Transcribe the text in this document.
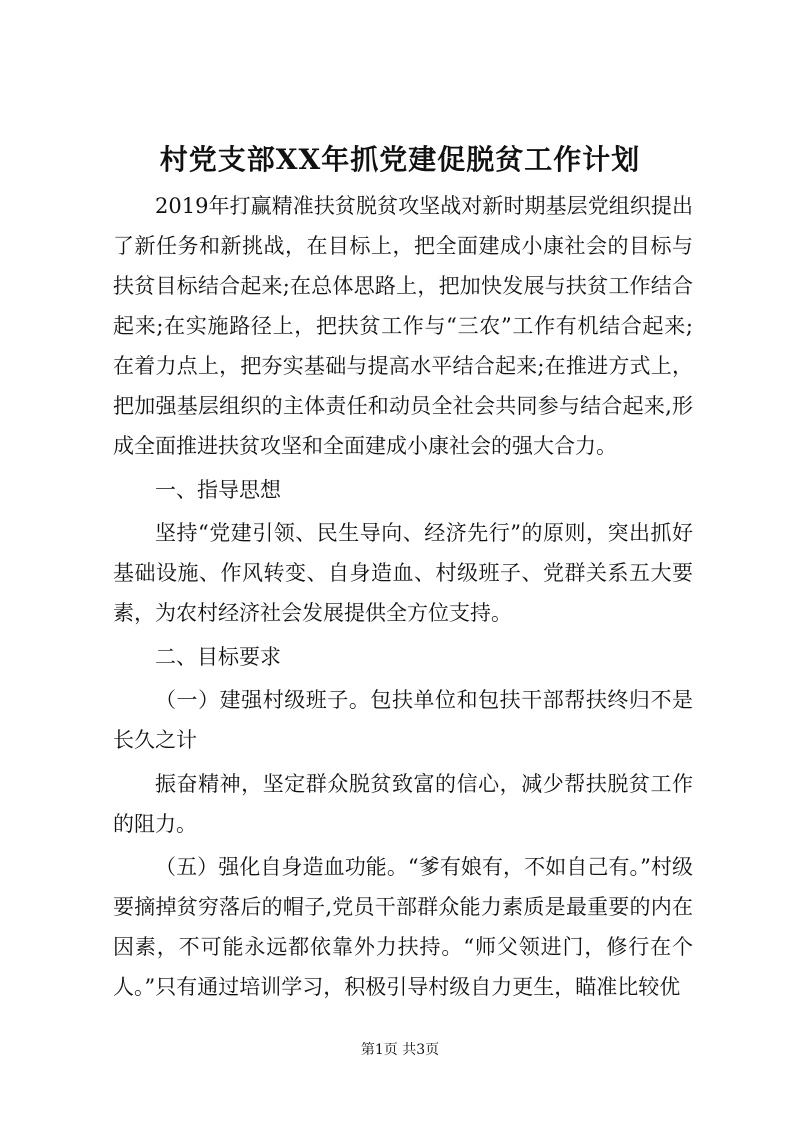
村党支部XX年抓党建促脱贫工作计划

2019年打赢精准扶贫脱贫攻坚战对新时期基层党组织提出了新任务和新挑战，在目标上，把全面建成小康社会的目标与扶贫目标结合起来;在总体思路上，把加快发展与扶贫工作结合起来;在实施路径上，把扶贫工作与“三农”工作有机结合起来;在着力点上，把夯实基础与提高水平结合起来;在推进方式上，把加强基层组织的主体责任和动员全社会共同参与结合起来,形成全面推进扶贫攻坚和全面建成小康社会的强大合力。

一、指导思想

坚持“党建引领、民生导向、经济先行”的原则，突出抓好基础设施、作风转变、自身造血、村级班子、党群关系五大要素，为农村经济社会发展提供全方位支持。

二、目标要求

（一）建强村级班子。包扶单位和包扶干部帮扶终归不是长久之计

振奋精神，坚定群众脱贫致富的信心，减少帮扶脱贫工作的阻力。

（五）强化自身造血功能。“爹有娘有，不如自己有。”村级要摘掉贫穷落后的帽子,党员干部群众能力素质是最重要的内在因素，不可能永远都依靠外力扶持。“师父领进门，修行在个人。”只有通过培训学习，积极引导村级自力更生，瞄准比较优

第1页 共3页
